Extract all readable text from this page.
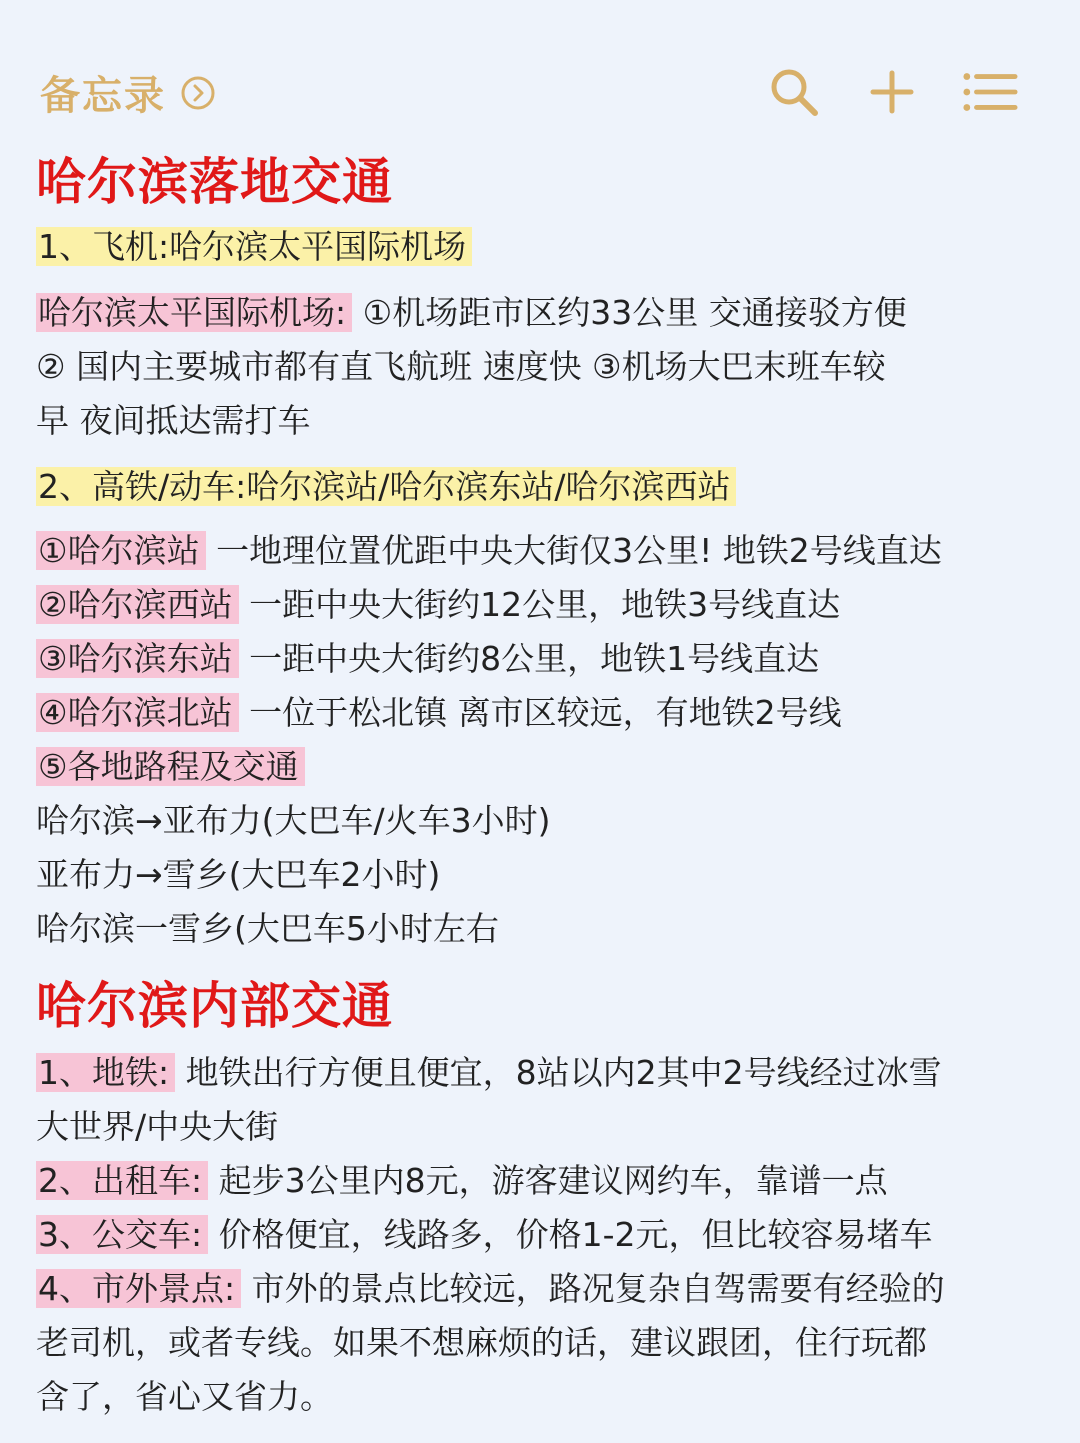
备忘录
哈尔滨落地交通
1、飞机:哈尔滨太平国际机场
哈尔滨太平国际机场: ①机场距市区约33公里 交通接驳方便
② 国内主要城市都有直飞航班 速度快 ③机场大巴末班车较
早 夜间抵达需打车
2、高铁/动车:哈尔滨站/哈尔滨东站/哈尔滨西站
①哈尔滨站 一地理位置优距中央大街仅3公里! 地铁2号线直达
②哈尔滨西站 一距中央大街约12公里，地铁3号线直达
③哈尔滨东站 一距中央大街约8公里，地铁1号线直达
④哈尔滨北站 一位于松北镇 离市区较远，有地铁2号线
⑤各地路程及交通
哈尔滨→亚布力(大巴车/火车3小时)
亚布力→雪乡(大巴车2小时)
哈尔滨一雪乡(大巴车5小时左右
哈尔滨内部交通
1、地铁: 地铁出行方便且便宜，8站以内2其中2号线经过冰雪
大世界/中央大街
2、出租车: 起步3公里内8元，游客建议网约车，靠谱一点
3、公交车: 价格便宜，线路多，价格1-2元，但比较容易堵车
4、市外景点: 市外的景点比较远，路况复杂自驾需要有经验的
老司机，或者专线。如果不想麻烦的话，建议跟团，住行玩都
含了，省心又省力。
